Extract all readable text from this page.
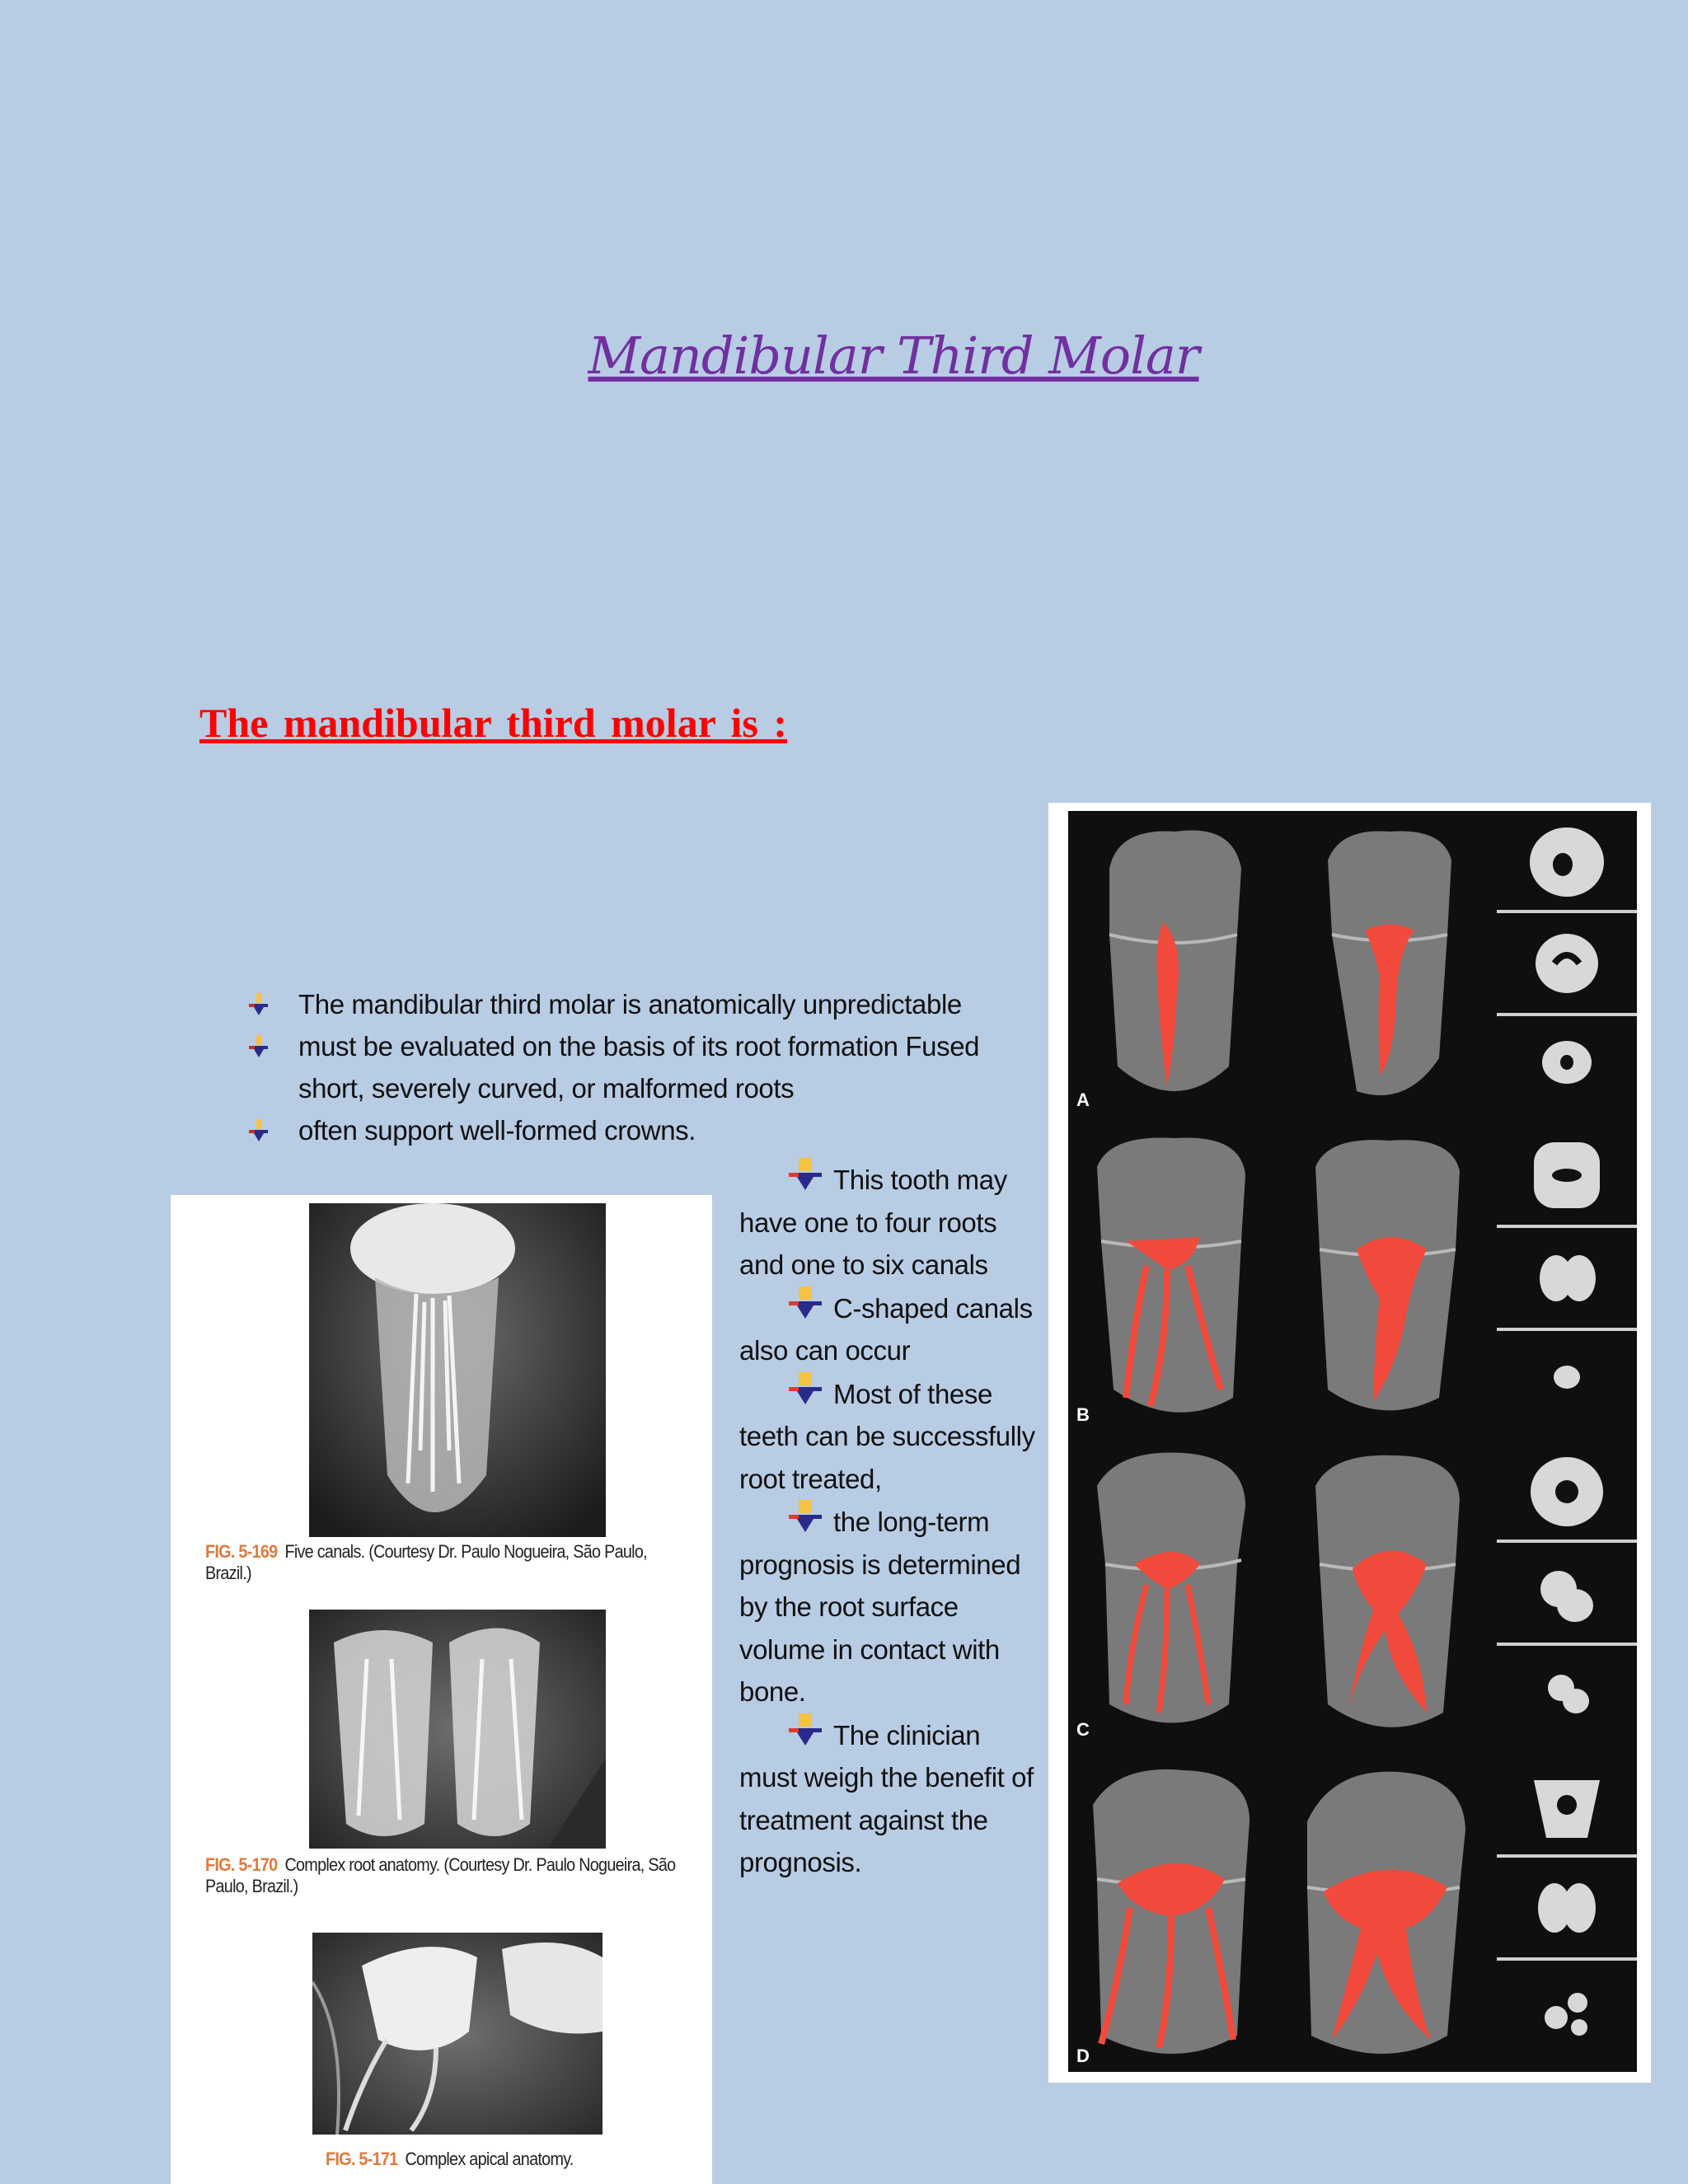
Mandibular Third Molar
The mandibular third molar is :
The mandibular third molar is anatomically unpredictable
must be evaluated on the basis of its root formation Fused short, severely curved, or malformed roots
often support well-formed crowns.

This tooth may have one to four roots and one to six canals

C-shaped canals also can occur

Most of these teeth can be successfully root treated,

the long-term prognosis is determined by the root surface volume in contact with bone.

The clinician must weigh the benefit of treatment against the prognosis.

FIG. 5-169 Five canals. (Courtesy Dr. Paulo Nogueira, São Paulo, Brazil.)
FIG. 5-170 Complex root anatomy. (Courtesy Dr. Paulo Nogueira, São Paulo, Brazil.)
FIG. 5-171 Complex apical anatomy.
A
B
C
D
